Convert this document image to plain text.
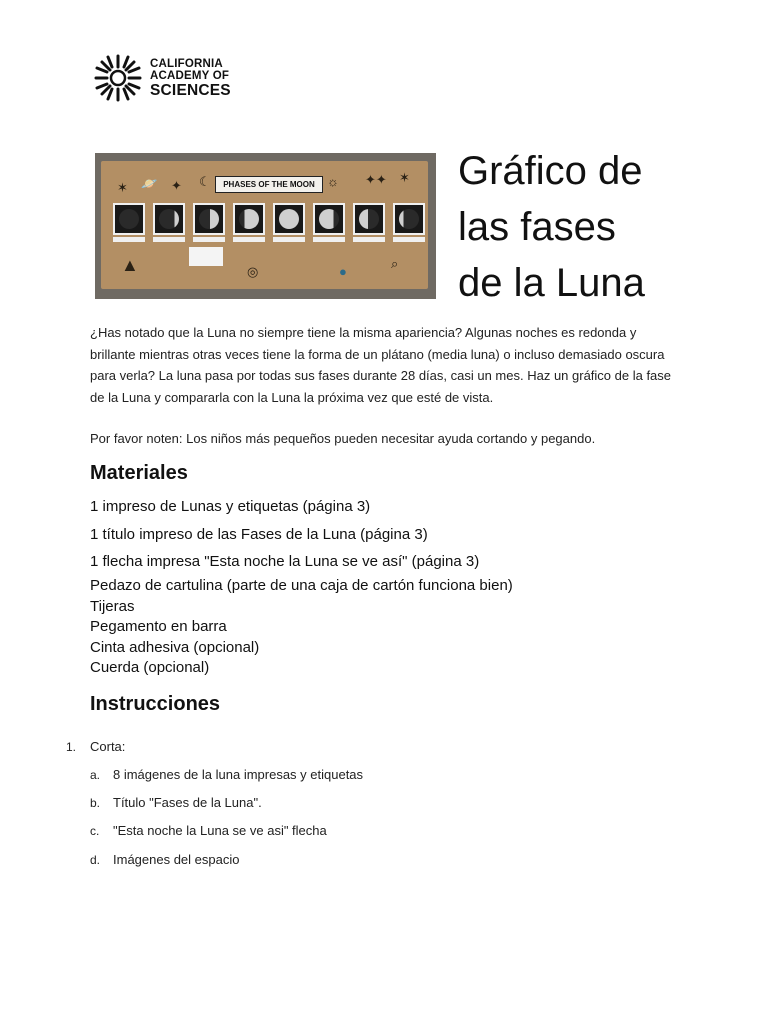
CALIFORNIA
ACADEMY OF
SCIENCES
PHASES OF THE MOON
✶ 🪐 ✦ ☾	☼ ✦✦ ✶
▲	◎	●
⌕
Gráfico de
las fases
de la Luna

¿Has notado que la Luna no siempre tiene la misma apariencia? Algunas noches es redonda y brillante mientras otras veces tiene la forma de un plátano (media luna) o incluso demasiado oscura para verla? La luna pasa por todas sus fases durante 28 días, casi un mes. Haz un gráfico de la fase de la Luna y compararla con la Luna la próxima vez que esté de vista.

Por favor noten: Los niños más pequeños pueden necesitar ayuda cortando y pegando.

Materiales

1 impreso de Lunas y etiquetas (página 3)

1 título impreso de las Fases de la Luna (página 3)

1 flecha impresa "Esta noche la Luna se ve así" (página 3)

Pedazo de cartulina (parte de una caja de cartón funciona bien)
Tijeras
Pegamento en barra
Cinta adhesiva (opcional)
Cuerda (opcional)
Instrucciones
1. Corta:
a. 8 imágenes de la luna impresas y etiquetas
b. Título "Fases de la Luna".
c. "Esta noche la Luna se ve asi" flecha
d. Imágenes del espacio
